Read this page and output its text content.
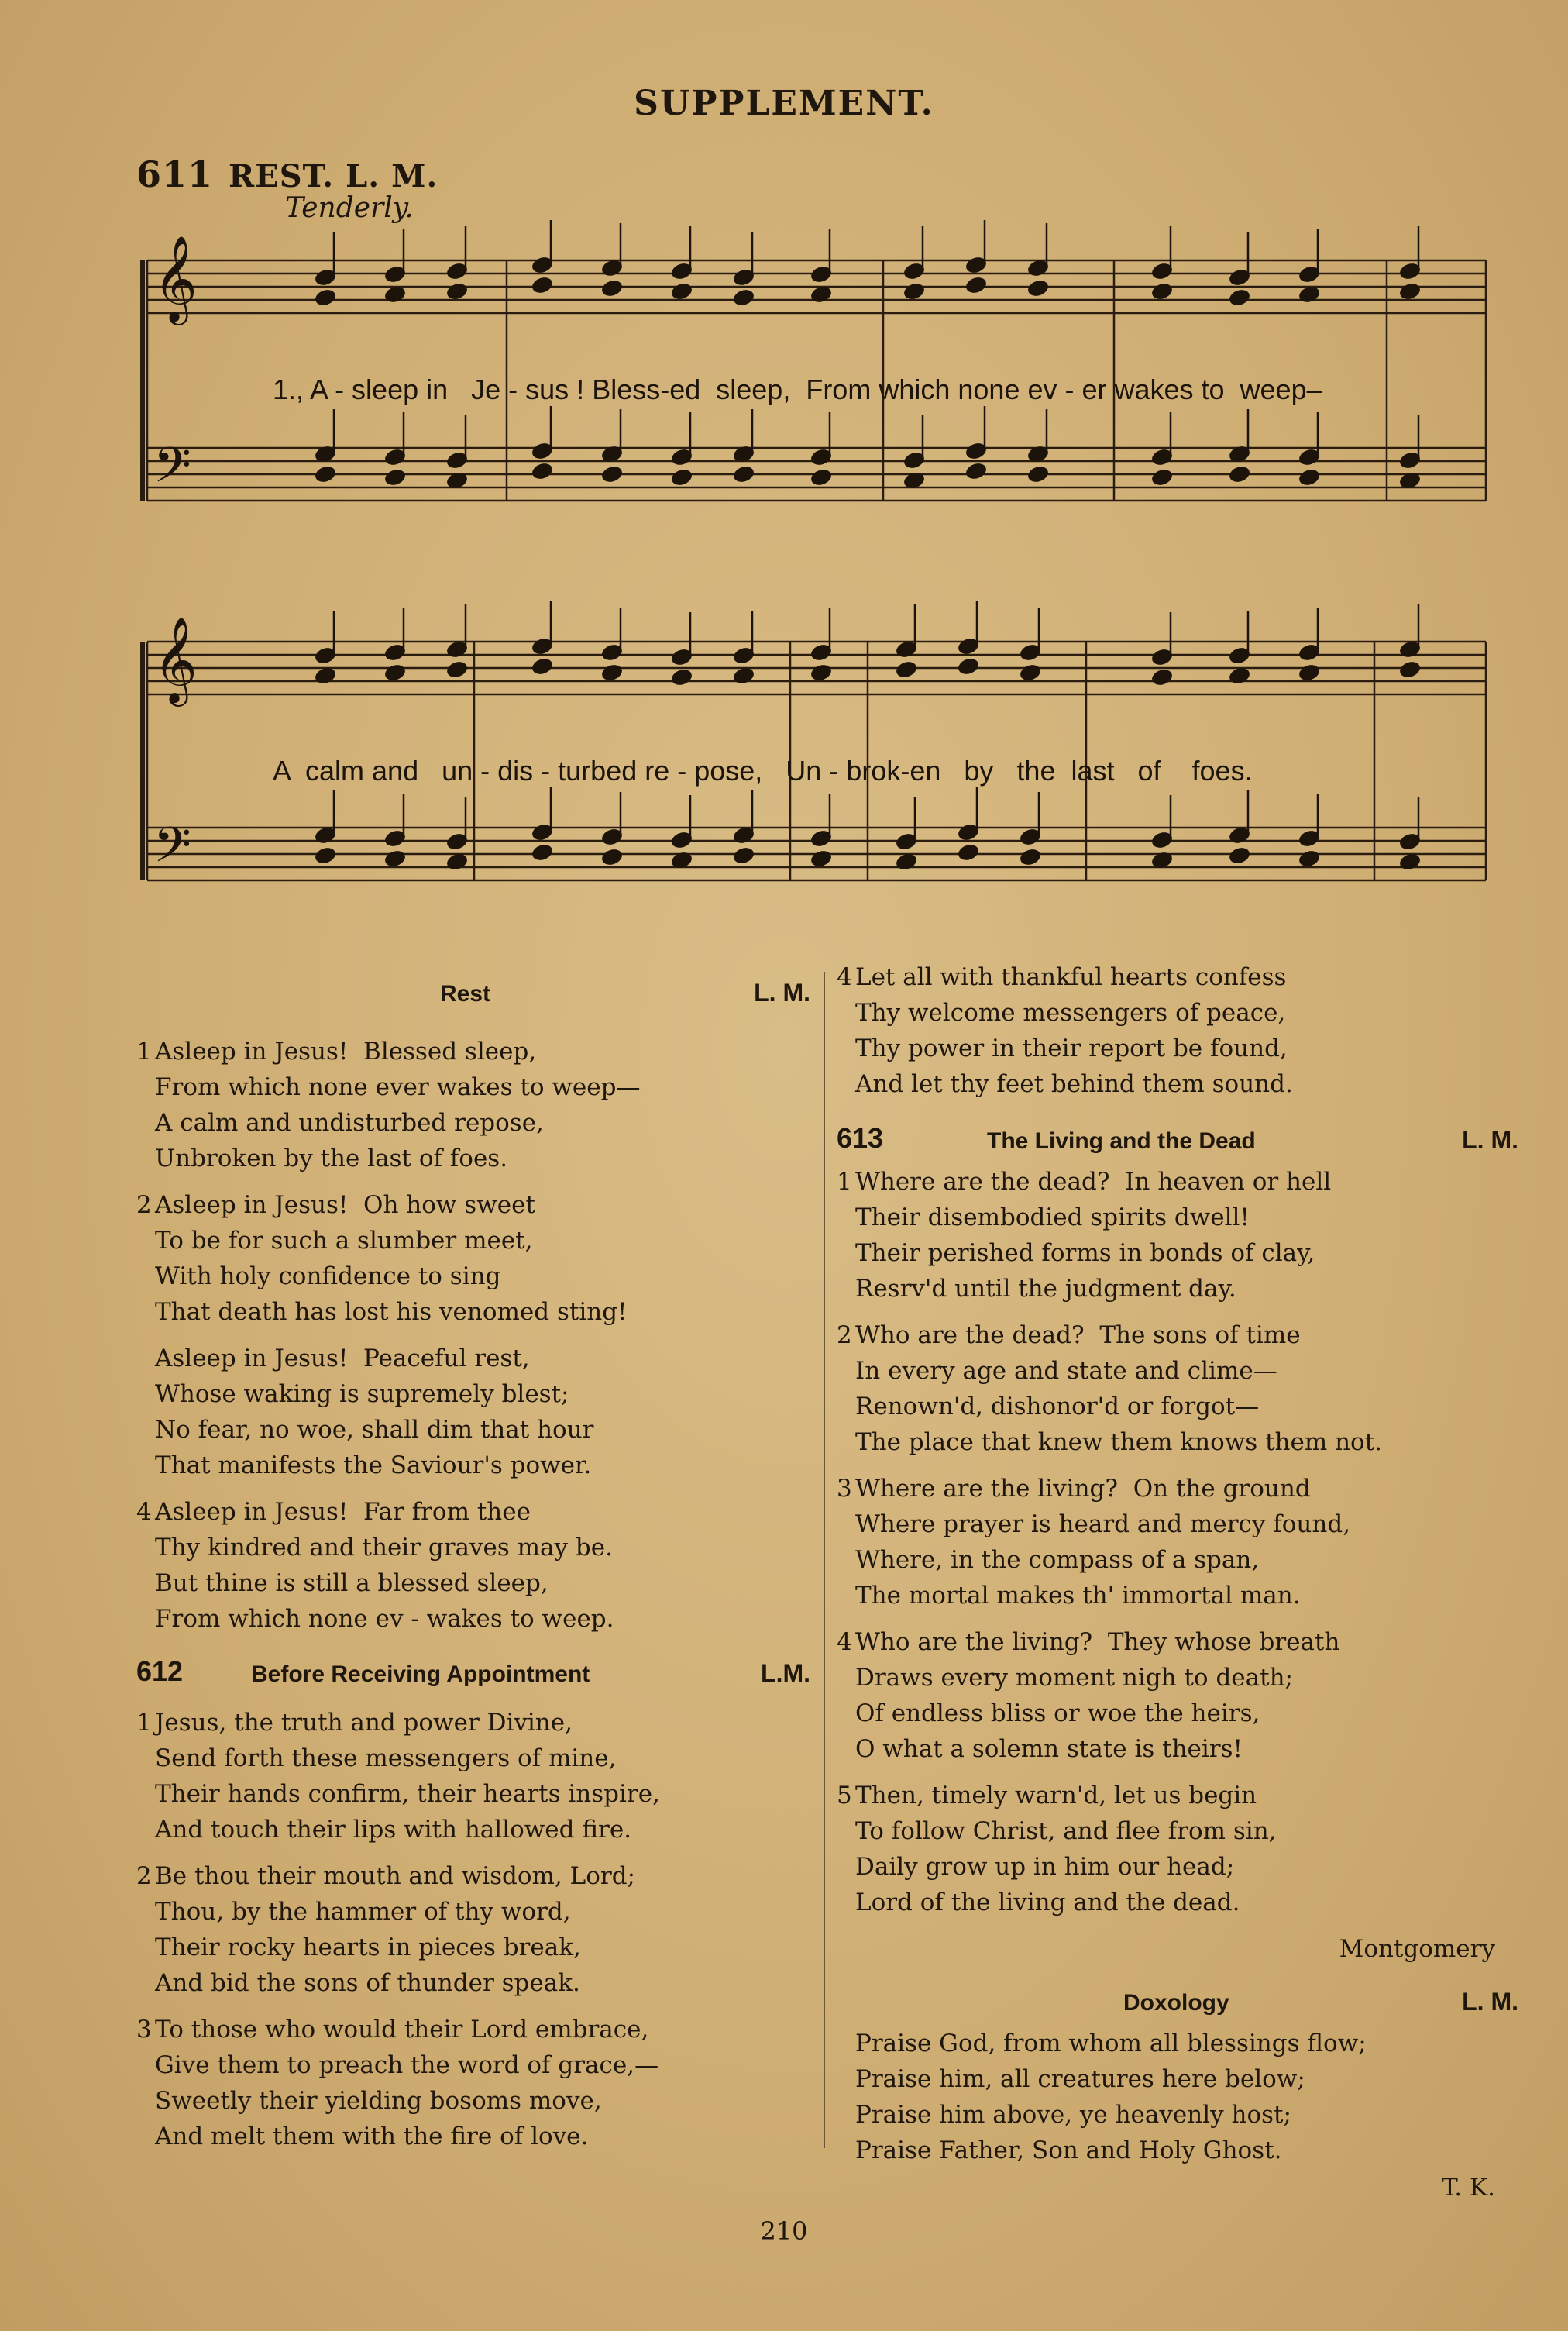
SUPPLEMENT.
611 REST. L. M.
Tenderly.
𝄞
𝄢
𝄞
𝄢
1., A - sleep in   Je - sus ! Bless-ed  sleep,  From which none ev - er wakes to  weep–
A  calm and   un - dis - turbed re - pose,   Un - brok-en   by   the  last   of    foes.
Rest	L. M.
1 Asleep in Jesus!  Blessed sleep,
From which none ever wakes to weep—
A calm and undisturbed repose,
Unbroken by the last of foes.
2 Asleep in Jesus!  Oh how sweet
To be for such a slumber meet,
With holy confidence to sing
That death has lost his venomed sting!
Asleep in Jesus!  Peaceful rest,
Whose waking is supremely blest;
No fear, no woe, shall dim that hour
That manifests the Saviour's power.
4 Asleep in Jesus!  Far from thee
Thy kindred and their graves may be.
But thine is still a blessed sleep,
From which none ev - wakes to weep.
612	Before Receiving Appointment	L.M.
1 Jesus, the truth and power Divine,
Send forth these messengers of mine,
Their hands confirm, their hearts inspire,
And touch their lips with hallowed fire.
2 Be thou their mouth and wisdom, Lord;
Thou, by the hammer of thy word,
Their rocky hearts in pieces break,
And bid the sons of thunder speak.
3 To those who would their Lord embrace,
Give them to preach the word of grace,—
Sweetly their yielding bosoms move,
And melt them with the fire of love.
4 Let all with thankful hearts confess
Thy welcome messengers of peace,
Thy power in their report be found,
And let thy feet behind them sound.
613	The Living and the Dead	L. M.
1 Where are the dead?  In heaven or hell
Their disembodied spirits dwell!
Their perished forms in bonds of clay,
Resrv'd until the judgment day.
2 Who are the dead?  The sons of time
In every age and state and clime—
Renown'd, dishonor'd or forgot—
The place that knew them knows them not.
3 Where are the living?  On the ground
Where prayer is heard and mercy found,
Where, in the compass of a span,
The mortal makes th' immortal man.
4 Who are the living?  They whose breath
Draws every moment nigh to death;
Of endless bliss or woe the heirs,
O what a solemn state is theirs!
5 Then, timely warn'd, let us begin
To follow Christ, and flee from sin,
Daily grow up in him our head;
Lord of the living and the dead.
Montgomery
Doxology	L. M.
Praise God, from whom all blessings flow;
Praise him, all creatures here below;
Praise him above, ye heavenly host;
Praise Father, Son and Holy Ghost.
T. K.
210
